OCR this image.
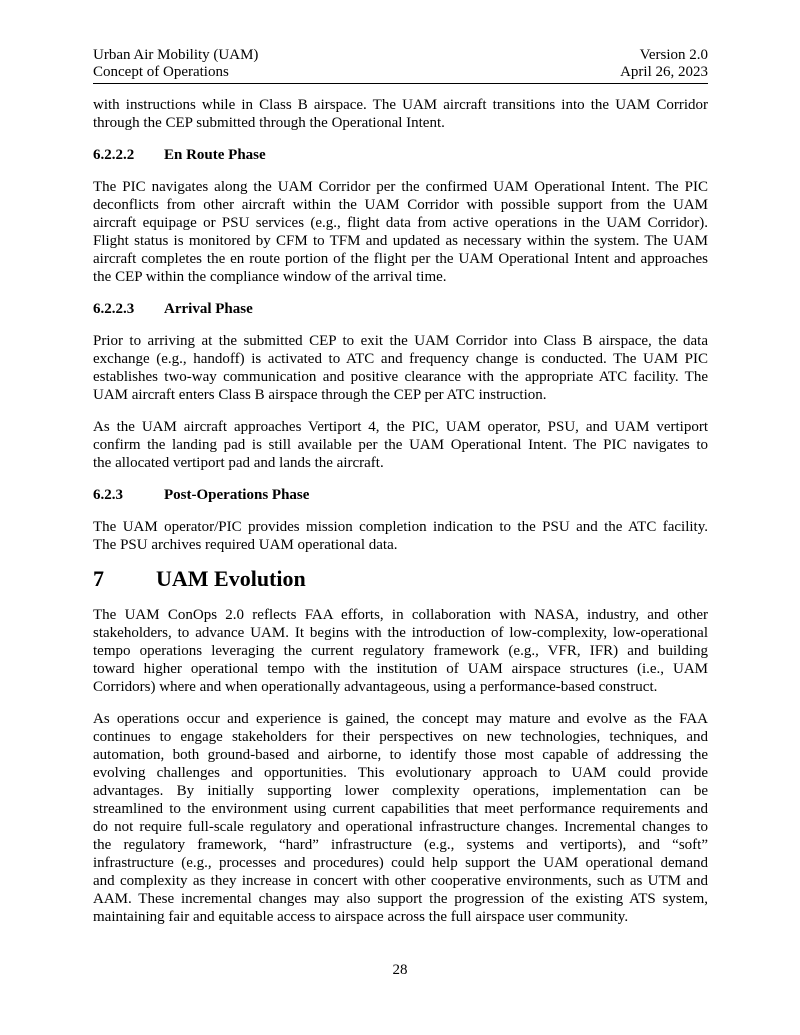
Urban Air Mobility (UAM)
Concept of Operations
Version 2.0
April 26, 2023
with instructions while in Class B airspace. The UAM aircraft transitions into the UAM Corridor
through the CEP submitted through the Operational Intent.
6.2.2.2 En Route Phase
The PIC navigates along the UAM Corridor per the confirmed UAM Operational Intent. The PIC
deconflicts from other aircraft within the UAM Corridor with possible support from the UAM
aircraft equipage or PSU services (e.g., flight data from active operations in the UAM Corridor).
Flight status is monitored by CFM to TFM and updated as necessary within the system. The UAM
aircraft completes the en route portion of the flight per the UAM Operational Intent and approaches
the CEP within the compliance window of the arrival time.
6.2.2.3 Arrival Phase
Prior to arriving at the submitted CEP to exit the UAM Corridor into Class B airspace, the data
exchange (e.g., handoff) is activated to ATC and frequency change is conducted. The UAM PIC
establishes two-way communication and positive clearance with the appropriate ATC facility. The
UAM aircraft enters Class B airspace through the CEP per ATC instruction.
As the UAM aircraft approaches Vertiport 4, the PIC, UAM operator, PSU, and UAM vertiport
confirm the landing pad is still available per the UAM Operational Intent. The PIC navigates to
the allocated vertiport pad and lands the aircraft.
6.2.3	Post-Operations Phase
The UAM operator/PIC provides mission completion indication to the PSU and the ATC facility.
The PSU archives required UAM operational data.
7 UAM Evolution
The UAM ConOps 2.0 reflects FAA efforts, in collaboration with NASA, industry, and other
stakeholders, to advance UAM. It begins with the introduction of low-complexity, low-operational
tempo operations leveraging the current regulatory framework (e.g., VFR, IFR) and building
toward higher operational tempo with the institution of UAM airspace structures (i.e., UAM
Corridors) where and when operationally advantageous, using a performance-based construct.
As operations occur and experience is gained, the concept may mature and evolve as the FAA
continues to engage stakeholders for their perspectives on new technologies, techniques, and
automation, both ground-based and airborne, to identify those most capable of addressing the
evolving challenges and opportunities. This evolutionary approach to UAM could provide
advantages. By initially supporting lower complexity operations, implementation can be
streamlined to the environment using current capabilities that meet performance requirements and
do not require full-scale regulatory and operational infrastructure changes. Incremental changes to
the regulatory framework, “hard” infrastructure (e.g., systems and vertiports), and “soft”
infrastructure (e.g., processes and procedures) could help support the UAM operational demand
and complexity as they increase in concert with other cooperative environments, such as UTM and
AAM. These incremental changes may also support the progression of the existing ATS system,
maintaining fair and equitable access to airspace across the full airspace user community.
28
